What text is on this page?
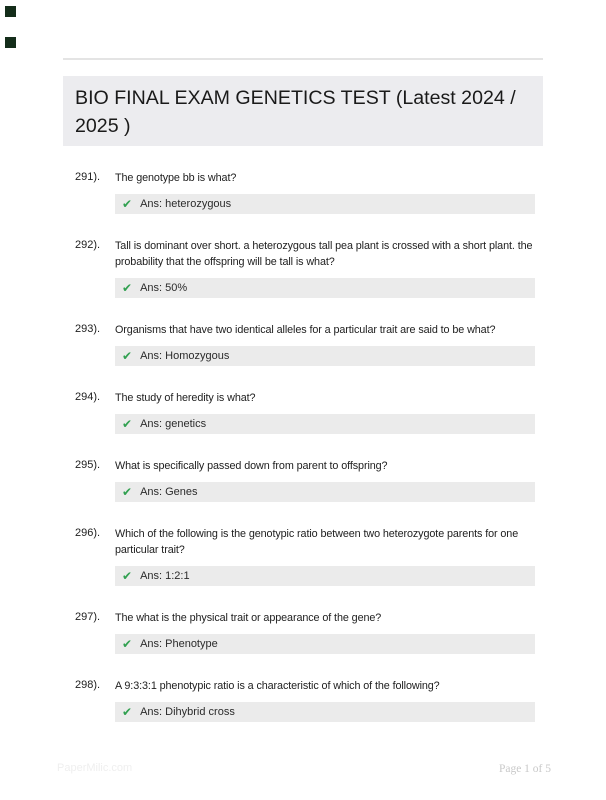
BIO FINAL EXAM GENETICS TEST (Latest 2024 / 2025 )
291). The genotype bb is what?
✔ Ans: heterozygous
292). Tall is dominant over short. a heterozygous tall pea plant is crossed with a short plant. the probability that the offspring will be tall is what?
✔ Ans: 50%
293). Organisms that have two identical alleles for a particular trait are said to be what?
✔ Ans: Homozygous
294). The study of heredity is what?
✔ Ans: genetics
295). What is specifically passed down from parent to offspring?
✔ Ans: Genes
296). Which of the following is the genotypic ratio between two heterozygote parents for one particular trait?
✔ Ans: 1:2:1
297). The what is the physical trait or appearance of the gene?
✔ Ans: Phenotype
298). A 9:3:3:1 phenotypic ratio is a characteristic of which of the following?
✔ Ans: Dihybrid cross
PaperMilic.com	Page 1 of 5
